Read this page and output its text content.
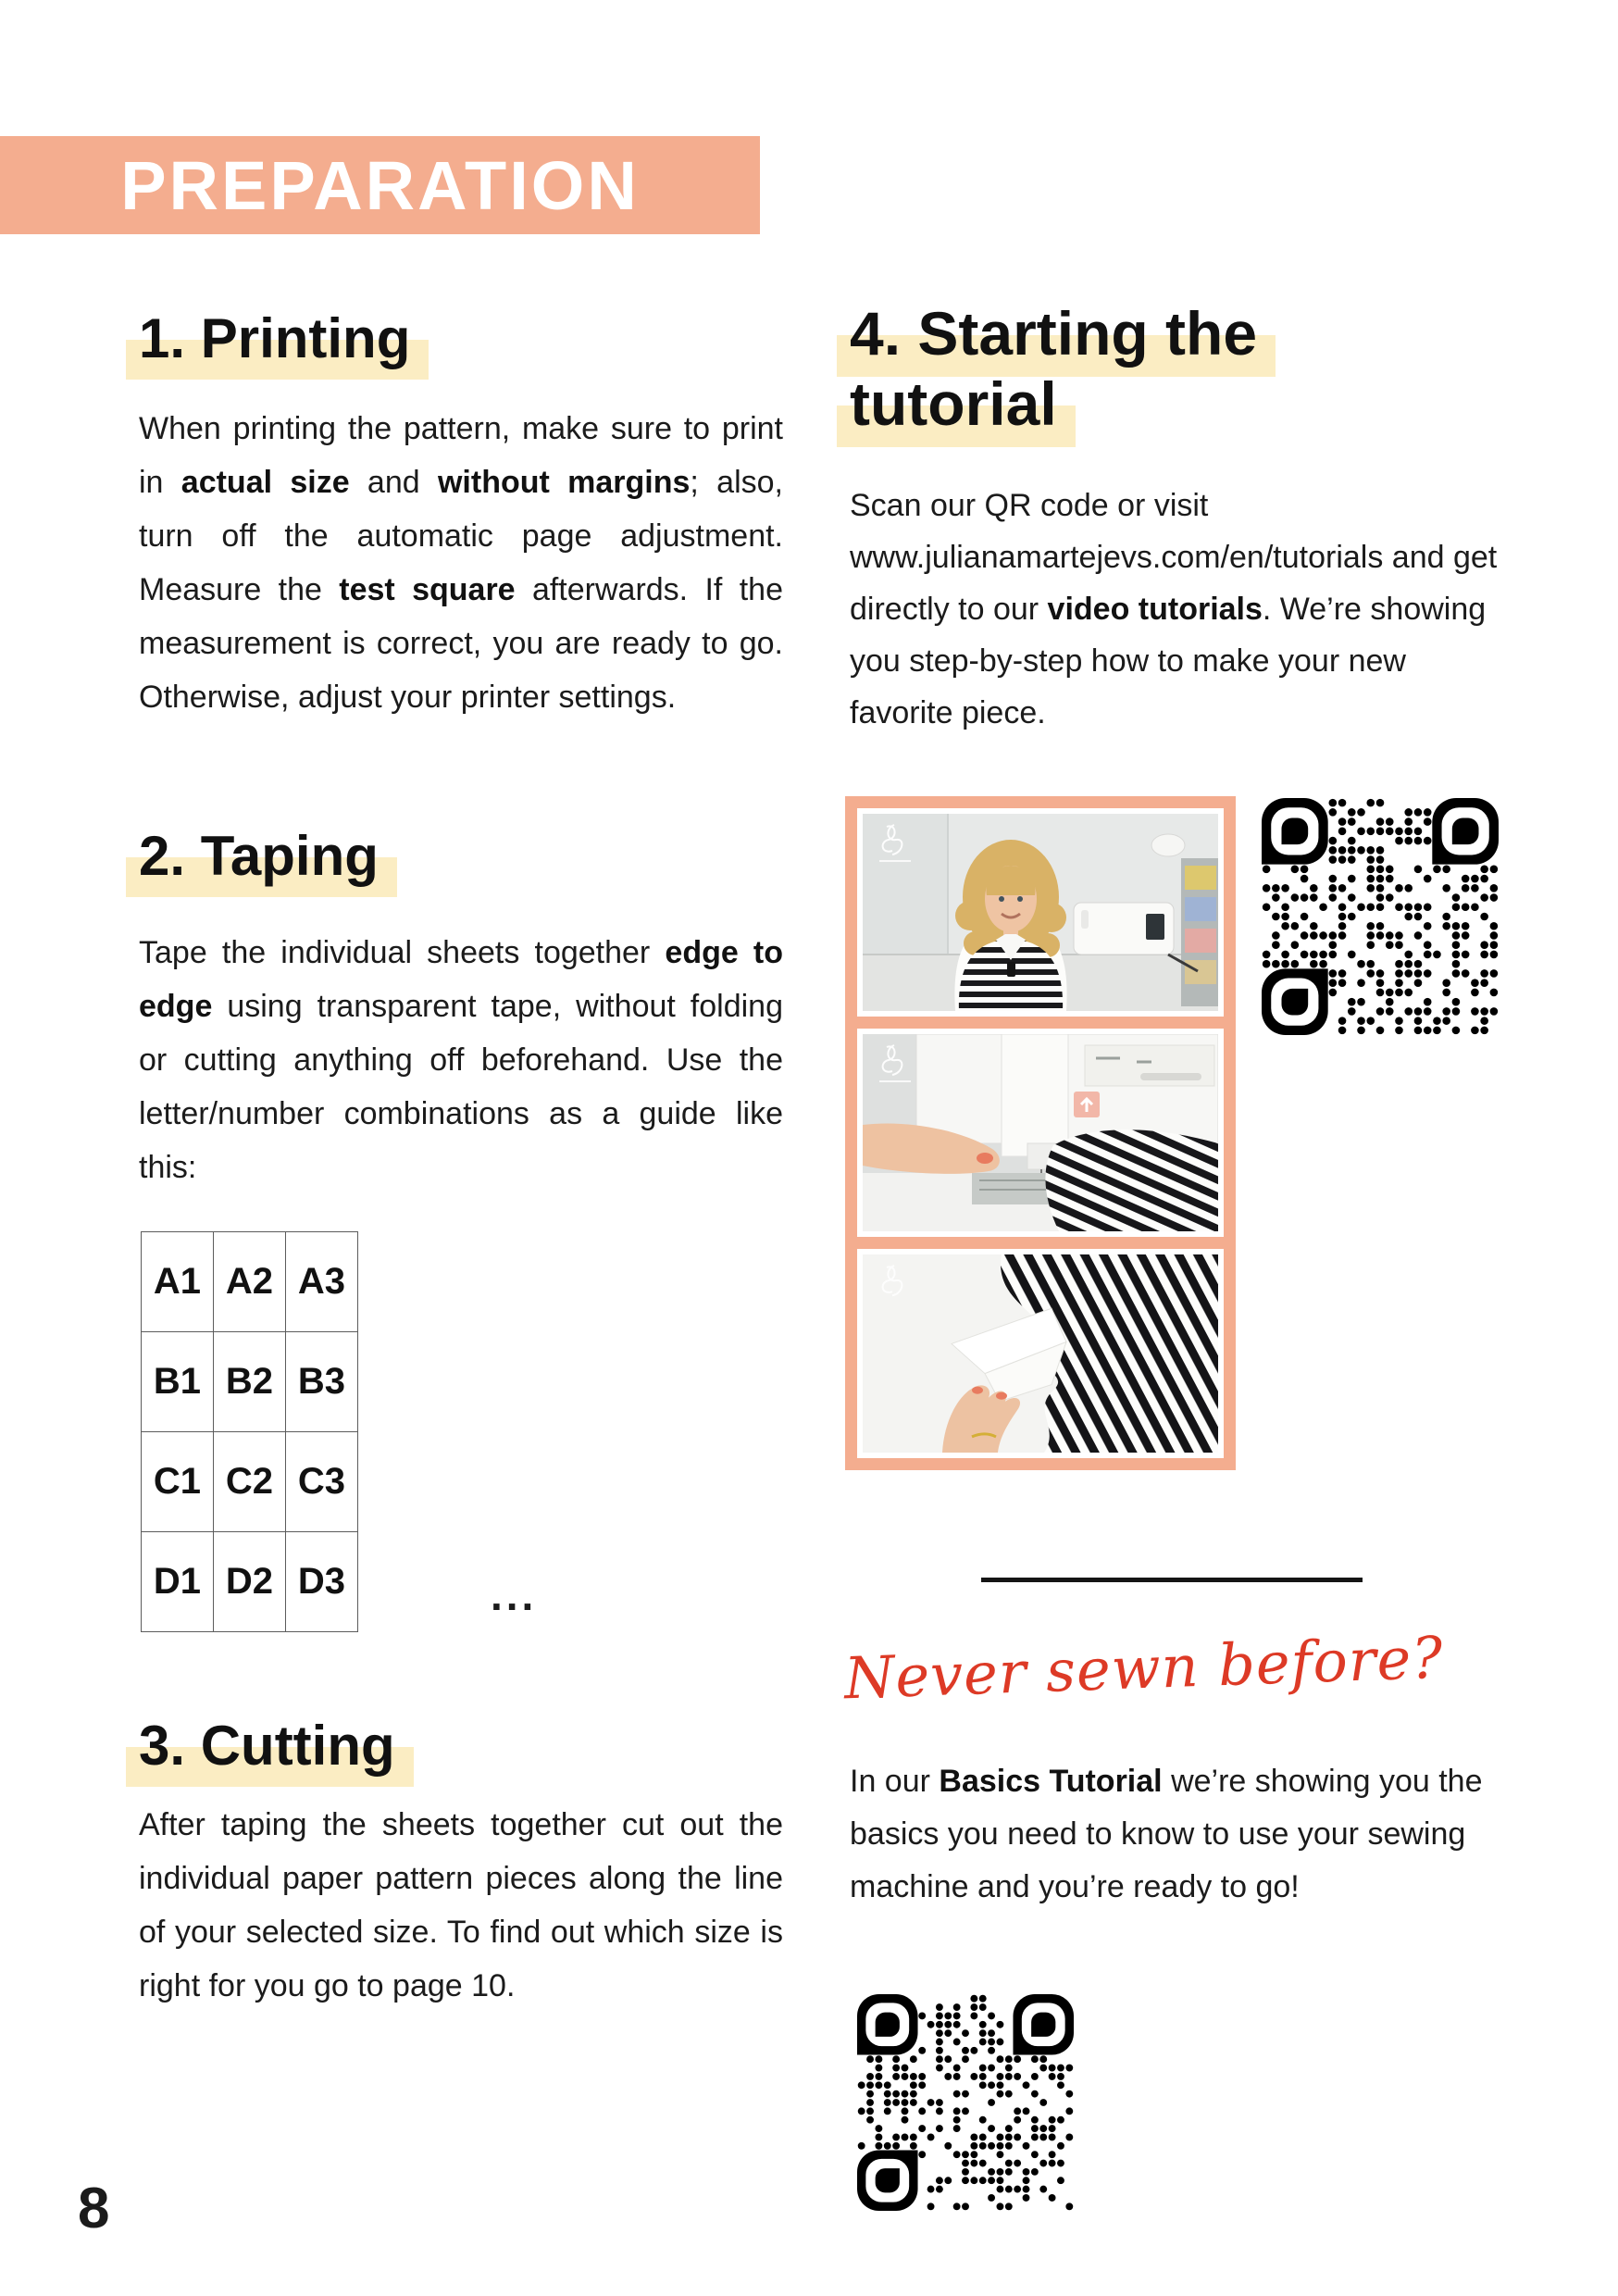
PREPARATION
1. Printing
When printing the pattern, make sure to print in actual size and without margins; also, turn off the automatic page adjustment. Measure the test square afterwards. If the measurement is correct, you are ready to go. Otherwise, adjust your printer settings.
2. Taping
Tape the individual sheets together edge to edge using transparent tape, without folding or cutting anything off beforehand. Use the letter/number combinations as a guide like this:
A1 A2 A3
B1 B2 B3
C1 C2 C3
D1 D2 D3	...
3. Cutting
After taping the sheets together cut out the individual paper pattern pieces along the line of your selected size. To find out which size is right for you go to page 10.
8
4. Starting the
tutorial
Scan our QR code or visit www.julianamartejevs.com/en/tutorials and get directly to our video tutorials. We’re showing you step-by-step how to make your new favorite piece.
Never sewn before?
In our Basics Tutorial we’re showing you the basics you need to know to use your sewing machine and you’re ready to go!
